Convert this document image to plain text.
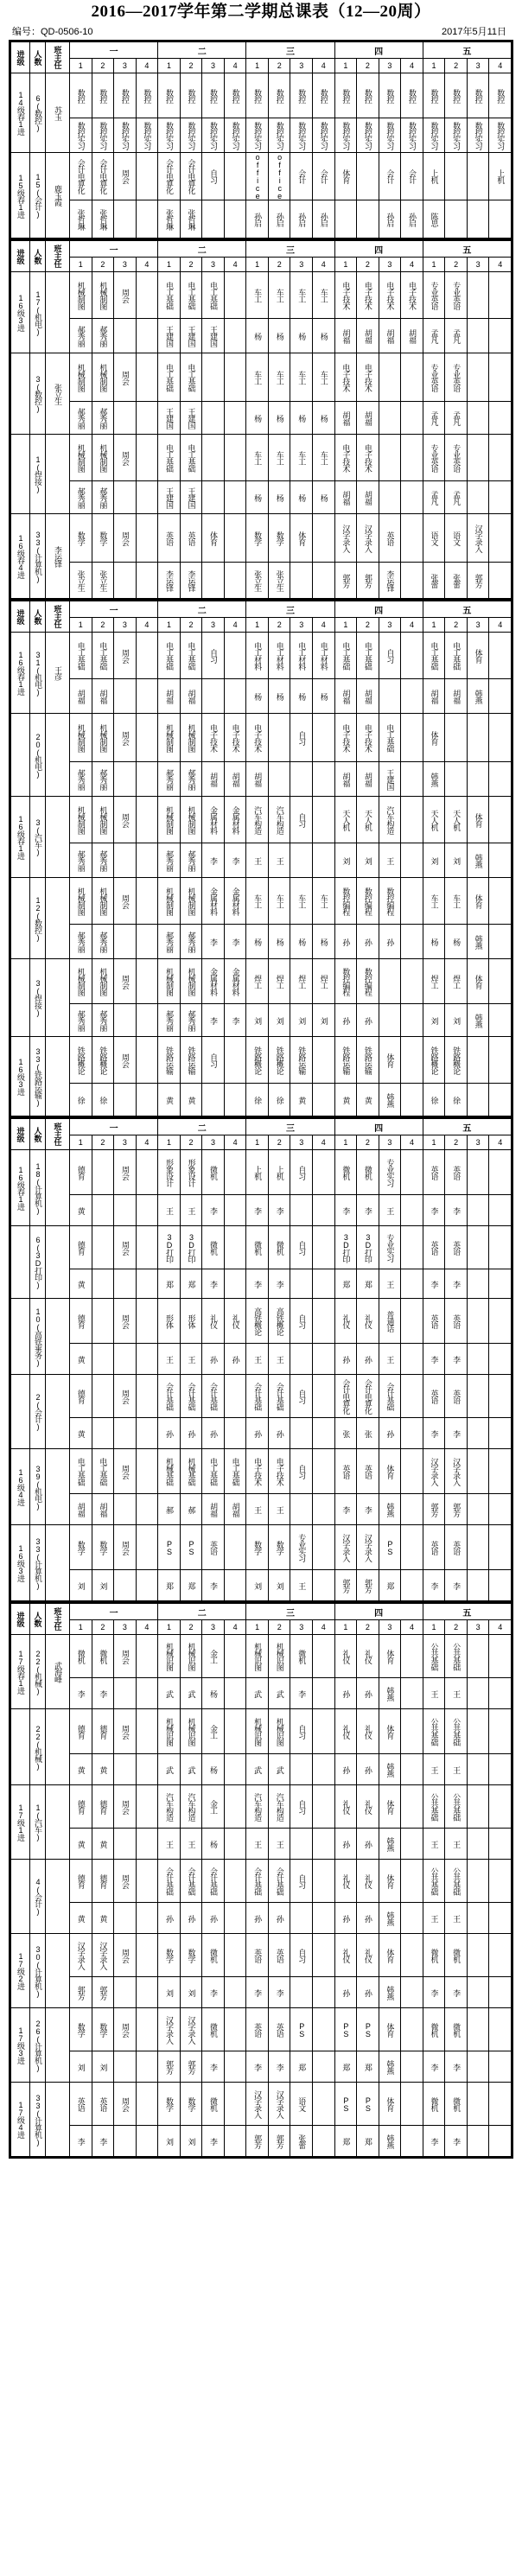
2016—2017学年第二学期总课表（12—20周）
编号：QD-0506-10	2017年5月11日
进级	人数	班主任	一				二				三				四				五			
			1	2	3	4	1	2	3	4	1	2	3	4	1	2	3	4	1	2	3	4

14级春1进	6(数控)	苏玉	数控	数控	数控	数控	数控	数控	数控	数控	数控	数控	数控	数控	数控	数控	数控	数控	数控	数控	数控	数控

			数控实习	数控实习	数控实习	数控实习	数控实习	数控实习	数控实习	数控实习	数控实习	数控实习	数控实习	数控实习	数控实习	数控实习	数控实习	数控实习	数控实习	数控实习	数控实习	数控实习

15级春1进	15(会计)	鹿玉霞	会计电算化	会计电算化	周会		会计电算化	会计电算化	自习		office	office	会计	会计	体育		会计	会计	上机			上机

			张哲琳	张哲琳			张哲琳	张哲琳			孙启	孙启	孙启	孙启			孙启	孙启	陈思			

进级	人数	班主任	一				二				三				四				五			
			1	2	3	4	1	2	3	4	1	2	3	4	1	2	3	4	1	2	3	4

16级3进	17(机电)		机械制图	机械制图	周会		电工基础	电工基础	电工基础		车工	车工	车工	车工	电子技术	电子技术	电子技术	电子技术	专业英语	专业英语		

			郝秀丽	郝秀丽			王建国	王建国	王建国		杨	杨	杨	杨	胡福	胡福	胡福	胡福	孟凡	孟凡		

	3(数控)	张立生	机械制图	机械制图	周会		电工基础	电工基础			车工	车工	车工	车工	电子技术	电子技术			专业英语	专业英语		

			郝秀丽	郝秀丽			王建国	王建国			杨	杨	杨	杨	胡福	胡福			孟凡	孟凡		

	1(焊接)		机械制图	机械制图	周会		电工基础	电工基础			车工	车工	车工	车工	电子技术	电子技术			专业英语	专业英语		

			郝秀丽	郝秀丽			王建国	王建国			杨	杨	杨	杨	胡福	胡福			孟凡	孟凡		

16级春4进	33(计算机)	李运锋	数学	数学	周会		英语	英语	体育		数学	数学	体育		汉字录入	汉字录入	英语		语文	语文	汉字录入	

			张立生	张立生			李运锋	李运锋			张立生	张立生			郭芳	郭芳	李运锋		张蕾	张蕾	郭芳	

进级	人数	班主任	一				二				三				四				五			
			1	2	3	4	1	2	3	4	1	2	3	4	1	2	3	4	1	2	3	4

16级春1进	31(机电)	王彦	电工基础	电工基础	周会		电工基础	电工基础	自习		电工材料	电工材料	电工材料	电工材料	电工基础	电工基础	自习		电工基础	电工基础	体育	

			胡福	胡福			胡福	胡福			杨	杨	杨	杨	胡福	胡福			胡福	胡福	韩燕	

	20(机电)		机械制图	机械制图	周会		机械制图	机械制图	电子技术	电子技术	电子技术		自习		电子技术	电子技术	电工基础		体育			

			郝秀丽	郝秀丽			郝秀丽	郝秀丽	胡福	胡福	胡福				胡福	胡福	王建国		韩燕			

16级春1进	3(汽车)		机械制图	机械制图	周会		机械制图	机械制图	金属材料	金属材料	汽车构造	汽车构造	自习		天人机	天人机	汽车构造		天人机	天人机	体育	

			郝秀丽	郝秀丽			郝秀丽	郝秀丽	李	李	王	王			刘	刘	王		刘	刘	韩燕	

	12(数控)		机械制图	机械制图	周会		机械制图	机械制图	金属材料	金属材料	车工	车工	车工	车工	数控编程	数控编程	数控编程		车工	车工	体育	

			郝秀丽	郝秀丽			郝秀丽	郝秀丽	李	李	杨	杨	杨	杨	孙	孙	孙		杨	杨	韩燕	

	3(焊接)		机械制图	机械制图	周会		机械制图	机械制图	金属材料	金属材料	焊工	焊工	焊工	焊工	数控编程	数控编程			焊工	焊工	体育	

			郝秀丽	郝秀丽			郝秀丽	郝秀丽	李	李	刘	刘	刘	刘	孙	孙			刘	刘	韩燕	

16级3进	33(铁路运输)		铁路概论	铁路概论	周会		铁路运输	铁路运输	自习		铁路概论	铁路概论	铁路运输		铁路运输	铁路运输	体育		铁路概论	铁路概论		

			徐	徐			黄	黄			徐	徐	黄		黄	黄	韩燕		徐	徐		

进级	人数	班主任	一				二				三				四				五			
			1	2	3	4	1	2	3	4	1	2	3	4	1	2	3	4	1	2	3	4

16级春1进	18(计算机)		德育		周会		形象设计	形象设计	微机		上机	上机	自习		微机	微机	专业实习		英语	英语		

			黄				王	王	李		李	李			李	李	王		李	李		

	6(3D打印)		德育		周会		3D打印	3D打印	微机		微机	微机	自习		3D打印	3D打印	专业实习		英语	英语		

			黄				郑	郑	李		李	李			郑	郑	王		李	李		

	10(高铁乘务)		德育		周会		形体	形体	礼仪	礼仪	高铁概论	高铁概论	自习		礼仪	礼仪	普通话		英语	英语		

			黄				王	王	孙	孙	王	王			孙	孙	王		李	李		

	2(会计)		德育		周会		会计基础	会计基础	会计基础		会计基础	会计基础	自习		会计电算化	会计电算化	会计基础		英语	英语		

			黄				孙	孙	孙		孙	孙			张	张	孙		李	李		

16级4进	39(机电)		电工基础	电工基础	周会		机械基础	机械基础	电工基础	电工基础	电子技术	电子技术	自习		英语	英语	体育		汉字录入	汉字录入		

			胡福	胡福			郝	郝	胡福	胡福	王	王			李	李	韩燕		郭芳	郭芳		

16级3进	33(计算机)		数学	数学	周会		PS	PS	英语		数学	数学	专业实习		汉字录入	汉字录入	PS		英语	英语		

			刘	刘			郑	郑	李		刘	刘	王		郭芳	郭芳	郑		李	李		

进级	人数	班主任	一				二				三				四				五			
			1	2	3	4	1	2	3	4	1	2	3	4	1	2	3	4	1	2	3	4

17级春1进	22(机械)	武海峰	微机	微机	周会		机械识图	机械识图	金工		机械识图	机械识图	微机		礼仪	礼仪	体育		公共基础	公共基础		

			李	李			武	武	杨		武	武	李		孙	孙	韩燕		王	王		

	22(机械)		德育	德育	周会		机械识图	机械识图	金工		机械识图	机械识图	自习		礼仪	礼仪	体育		公共基础	公共基础		

			黄	黄			武	武	杨		武	武			孙	孙	韩燕		王	王		

17级1进	1(汽车)		德育	德育	周会		汽车构造	汽车构造	金工		汽车构造	汽车构造	自习		礼仪	礼仪	体育		公共基础	公共基础		

			黄	黄			王	王	杨		王	王			孙	孙	韩燕		王	王		

	4(会计)		德育	德育	周会		会计基础	会计基础	会计基础		会计基础	会计基础	自习		礼仪	礼仪	体育		公共基础	公共基础		

			黄	黄			孙	孙	孙		孙	孙			孙	孙	韩燕		王	王		

17级2进	30(计算机)		汉字录入	汉字录入	周会		数学	数学	微机		英语	英语	自习		礼仪	礼仪	体育		微机	微机		

			郭芳	郭芳			刘	刘	李		李	李			孙	孙	韩燕		李	李		

17级3进	26(计算机)		数学	数学	周会		汉字录入	汉字录入	微机		英语	英语	PS		PS	PS	体育		微机	微机		

			刘	刘			郭芳	郭芳	李		李	李	郑		郑	郑	韩燕		李	李		

17级4进	33(计算机)		英语	英语	周会		数学	数学	微机		汉字录入	汉字录入	语文		PS	PS	体育		微机	微机		

			李	李			刘	刘	李		郭芳	郭芳	张蕾		郑	郑	韩燕		李	李		
